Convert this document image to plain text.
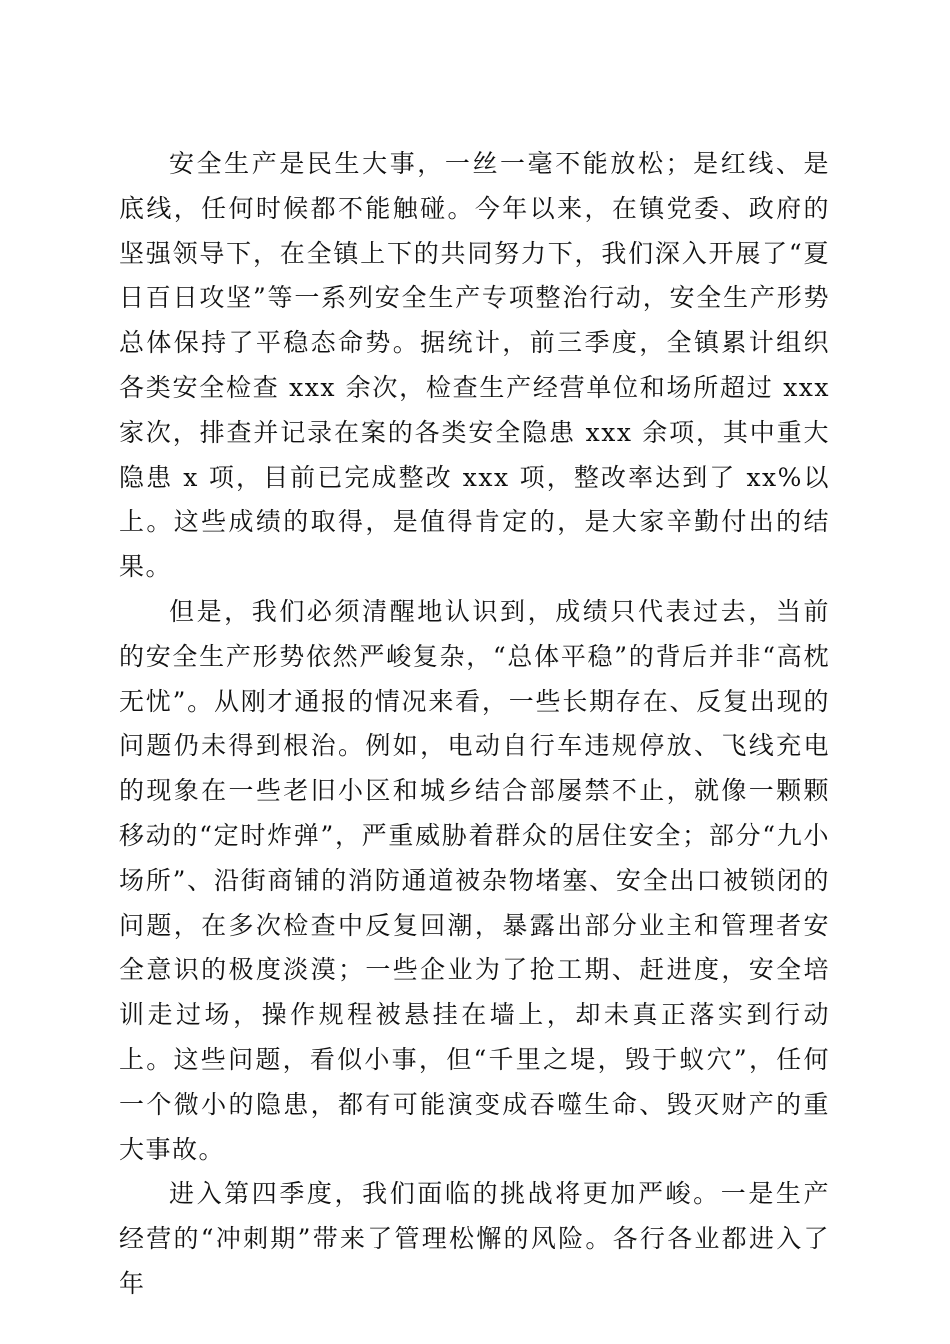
安全生产是民生大事，一丝一毫不能放松；是红线、是底线，任何时候都不能触碰。今年以来，在镇党委、政府的坚强领导下，在全镇上下的共同努力下，我们深入开展了“夏日百日攻坚”等一系列安全生产专项整治行动，安全生产形势总体保持了平稳态命势。据统计，前三季度，全镇累计组织各类安全检查 xxx 余次，检查生产经营单位和场所超过 xxx 家次，排查并记录在案的各类安全隐患 xxx 余项，其中重大隐患 x 项，目前已完成整改 xxx 项，整改率达到了 xx%以上。这些成绩的取得，是值得肯定的，是大家辛勤付出的结果。

但是，我们必须清醒地认识到，成绩只代表过去，当前的安全生产形势依然严峻复杂，“总体平稳”的背后并非“高枕无忧”。从刚才通报的情况来看，一些长期存在、反复出现的问题仍未得到根治。例如，电动自行车违规停放、飞线充电的现象在一些老旧小区和城乡结合部屡禁不止，就像一颗颗移动的“定时炸弹”，严重威胁着群众的居住安全；部分“九小场所”、沿街商铺的消防通道被杂物堵塞、安全出口被锁闭的问题，在多次检查中反复回潮，暴露出部分业主和管理者安全意识的极度淡漠；一些企业为了抢工期、赶进度，安全培训走过场，操作规程被悬挂在墙上，却未真正落实到行动上。这些问题，看似小事，但“千里之堤，毁于蚁穴”，任何一个微小的隐患，都有可能演变成吞噬生命、毁灭财产的重大事故。

进入第四季度，我们面临的挑战将更加严峻。一是生产经营的“冲刺期”带来了管理松懈的风险。各行各业都进入了年
